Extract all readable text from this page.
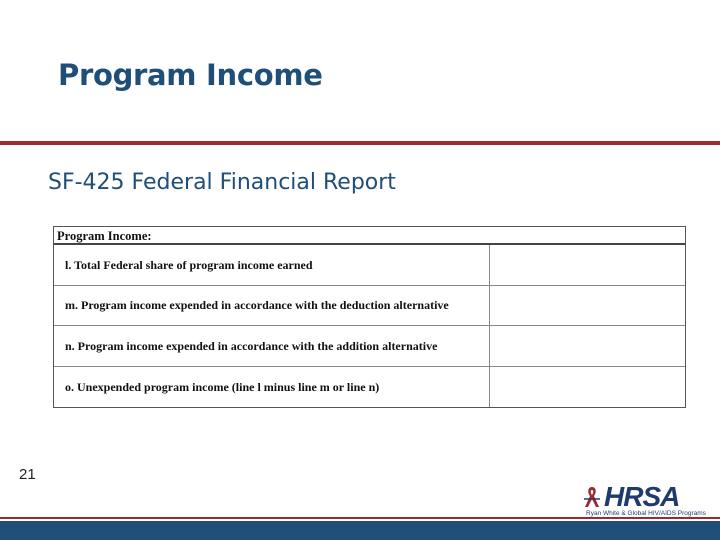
Program Income
SF-425 Federal Financial Report
Program Income:
l. Total Federal share of program income earned
m. Program income expended in accordance with the deduction alternative
n. Program income expended in accordance with the addition alternative
o. Unexpended program income (line l minus line m or line n)
21
HRSA
Ryan White & Global HIV/AIDS Programs
